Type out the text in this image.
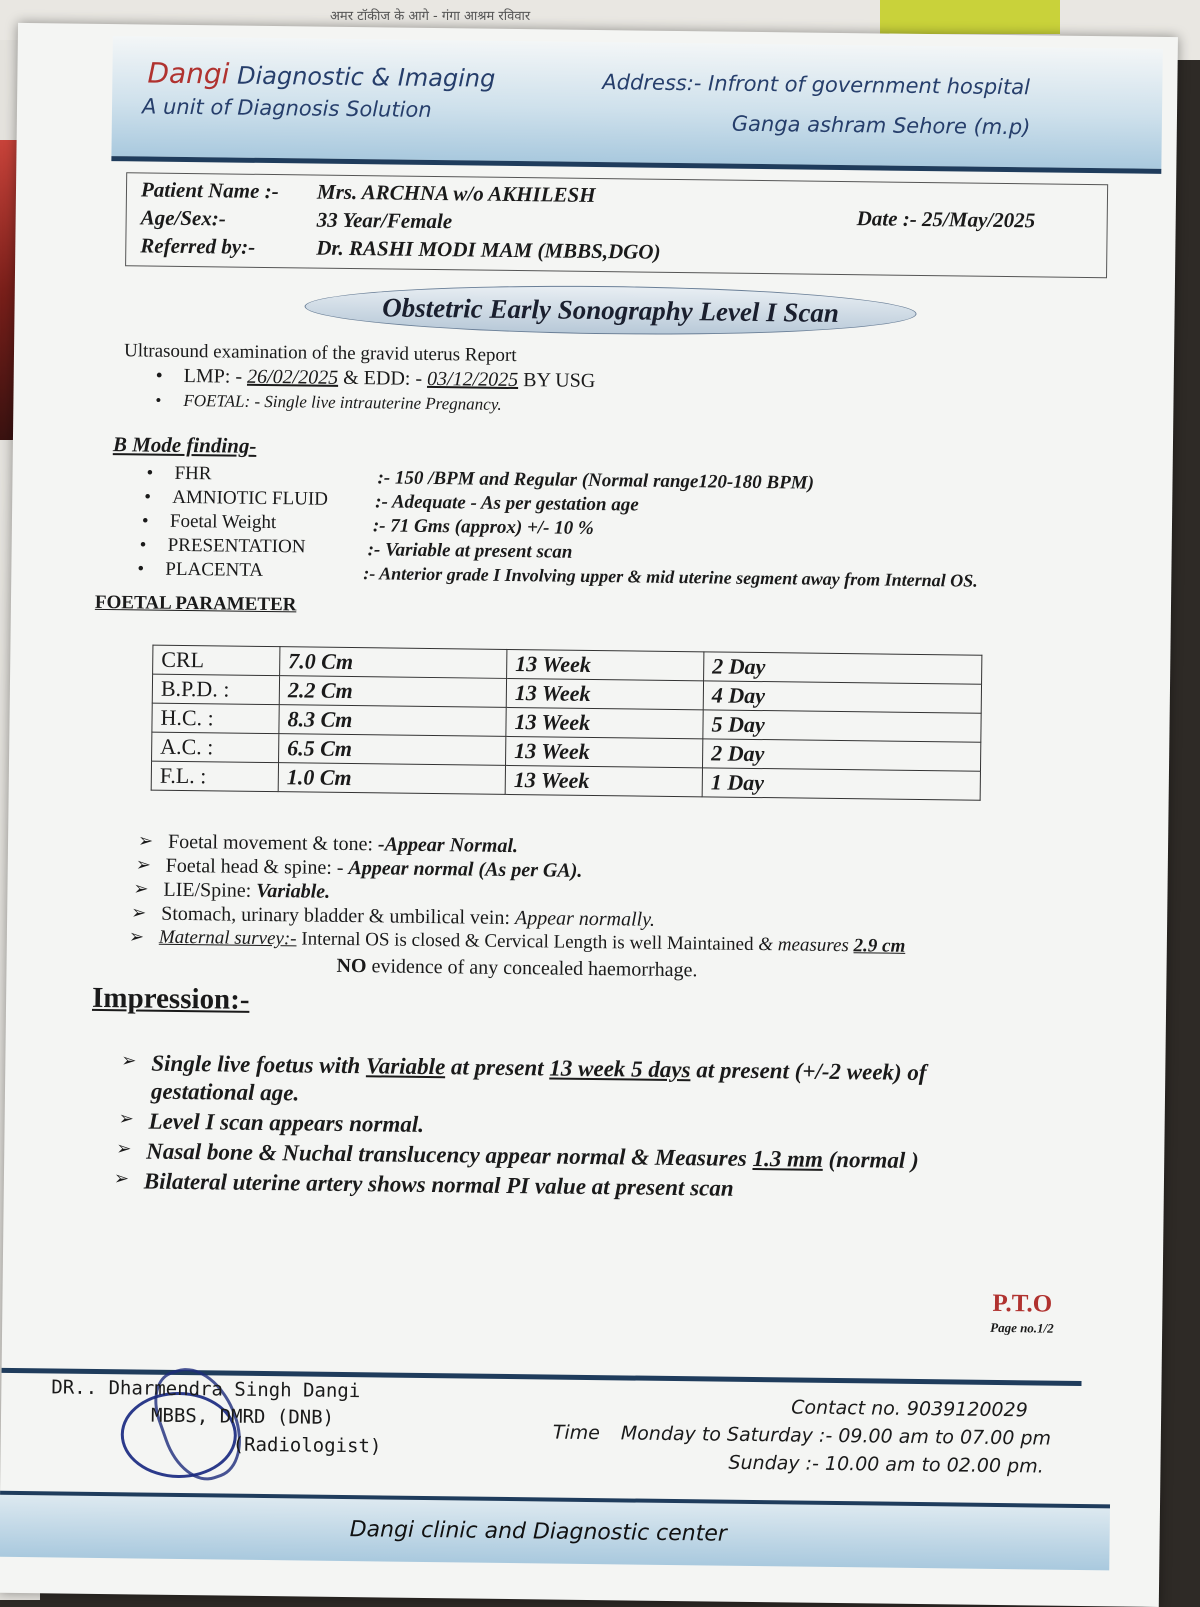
अमर टॉकीज के आगे - गंगा आश्रम रविवार
Dangi Diagnostic & Imaging
A unit of Diagnosis Solution
Address:- Infront of government hospital
Ganga ashram Sehore (m.p)
Patient Name :- Mrs. ARCHNA w/o AKHILESH
Age/Sex:-	33 Year/Female
Referred by:-	Dr. RASHI MODI MAM (MBBS,DGO)
Date :- 25/May/2025
Obstetric Early Sonography Level I Scan
Ultrasound examination of the gravid uterus Report
• LMP: - 26/02/2025 & EDD: - 03/12/2025 BY USG
• FOETAL: - Single live intrauterine Pregnancy.
B Mode finding-
• FHR	:- 150 /BPM and Regular (Normal range120-180 BPM)
• AMNIOTIC FLUID :- Adequate - As per gestation age
• Foetal Weight	:- 71 Gms (approx) +/- 10 %
• PRESENTATION	:- Variable at present scan
• PLACENTA	:- Anterior grade I Involving upper & mid uterine segment away from Internal OS.
FOETAL PARAMETER
CRL	7.0 Cm	13 Week	2 Day
B.P.D. :	2.2 Cm	13 Week	4 Day
H.C. :	8.3 Cm	13 Week	5 Day
A.C. :	6.5 Cm	13 Week	2 Day
F.L. :	1.0 Cm	13 Week	1 Day
➢ Foetal movement & tone: -Appear Normal.
➢ Foetal head & spine: - Appear normal (As per GA).
➢ LIE/Spine: Variable.
➢ Stomach, urinary bladder & umbilical vein: Appear normally.
➢ Maternal survey:- Internal OS is closed & Cervical Length is well Maintained & measures 2.9 cm
NO evidence of any concealed haemorrhage.
Impression:-
➢ Single live foetus with Variable at present 13 week 5 days at present (+/-2 week) of
gestational age.
➢ Level I scan appears normal.
➢ Nasal bone & Nuchal translucency appear normal & Measures 1.3 mm (normal )
➢ Bilateral uterine artery shows normal PI value at present scan
P.T.O
Page no.1/2
DR.. Dharmendra Singh Dangi
MBBS, DMRD (DNB)
(Radiologist)
Contact no. 9039120029
Time Monday to Saturday :- 09.00 am to 07.00 pm
Sunday :- 10.00 am to 02.00 pm.
Dangi clinic and Diagnostic center
